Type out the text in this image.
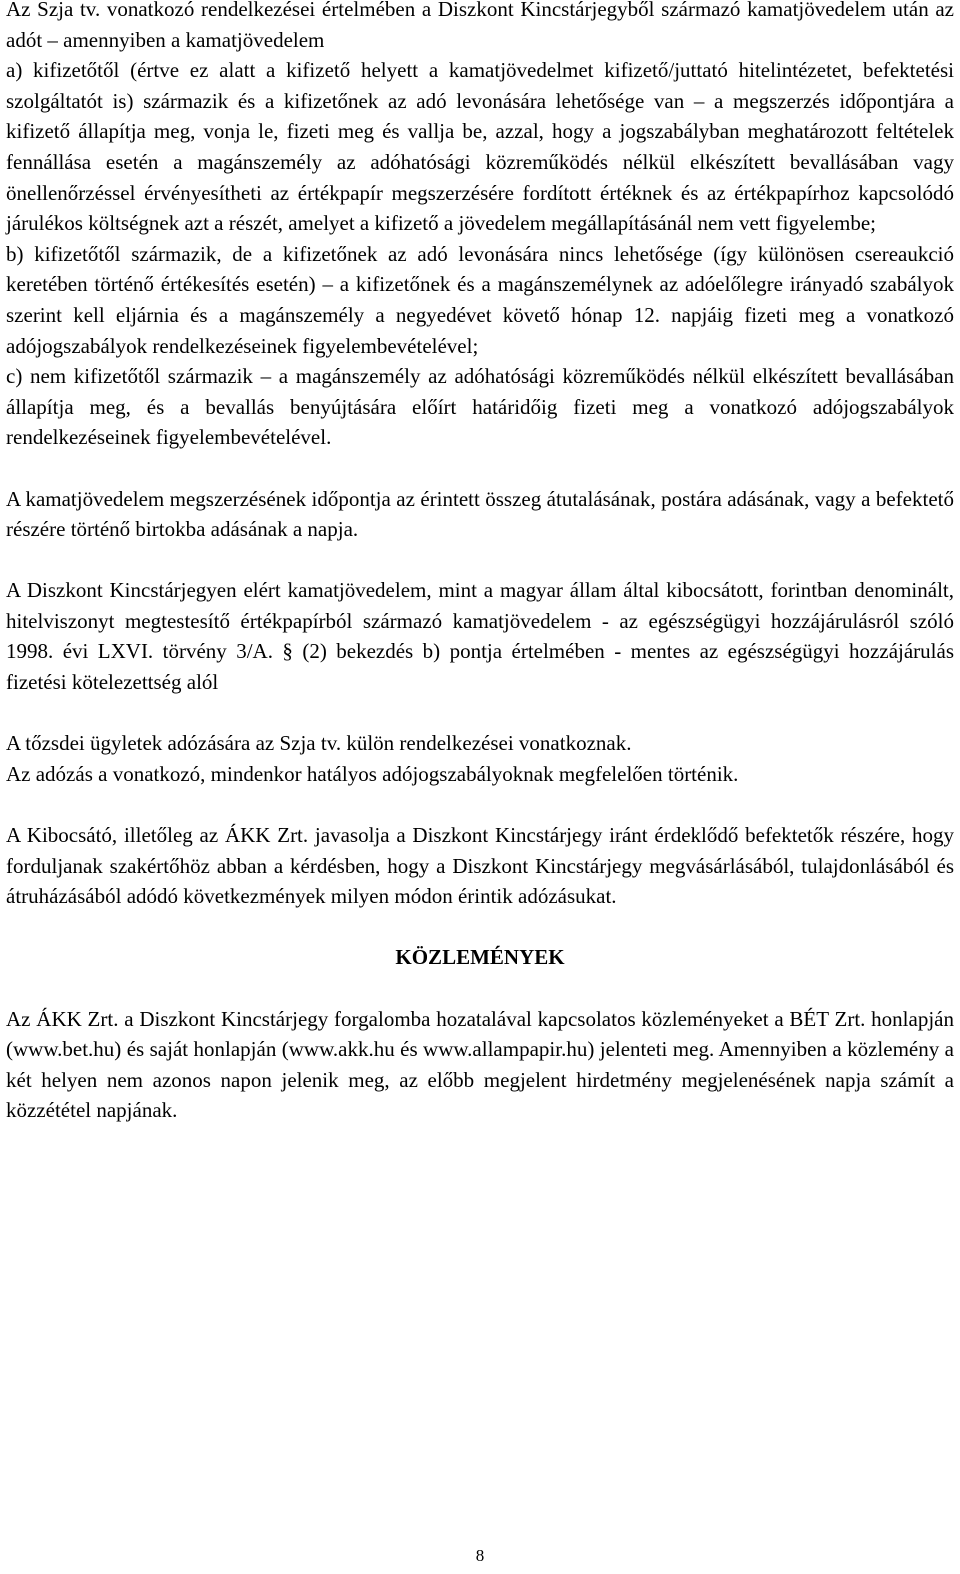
Az Szja tv. vonatkozó rendelkezései értelmében a Diszkont Kincstárjegyből származó kamatjövedelem után az adót – amennyiben a kamatjövedelem

a) kifizetőtől (értve ez alatt a kifizető helyett a kamatjövedelmet kifizető/juttató hitelintézetet, befektetési szolgáltatót is) származik és a kifizetőnek az adó levonására lehetősége van – a megszerzés időpontjára a kifizető állapítja meg, vonja le, fizeti meg és vallja be, azzal, hogy a jogszabályban meghatározott feltételek fennállása esetén a magánszemély az adóhatósági közreműködés nélkül elkészített bevallásában vagy önellenőrzéssel érvényesítheti az értékpapír megszerzésére fordított értéknek és az értékpapírhoz kapcsolódó járulékos költségnek azt a részét, amelyet a kifizető a jövedelem megállapításánál nem vett figyelembe;

b) kifizetőtől származik, de a kifizetőnek az adó levonására nincs lehetősége (így különösen csereaukció keretében történő értékesítés esetén) – a kifizetőnek és a magánszemélynek az adóelőlegre irányadó szabályok szerint kell eljárnia és a magánszemély a negyedévet követő hónap 12. napjáig fizeti meg a vonatkozó adójogszabályok rendelkezéseinek figyelembevételével;

c) nem kifizetőtől származik – a magánszemély az adóhatósági közreműködés nélkül elkészített bevallásában állapítja meg, és a bevallás benyújtására előírt határidőig fizeti meg a vonatkozó adójogszabályok rendelkezéseinek figyelembevételével.

A kamatjövedelem megszerzésének időpontja az érintett összeg átutalásának, postára adásának, vagy a befektető részére történő birtokba adásának a napja.

A Diszkont Kincstárjegyen elért kamatjövedelem, mint a magyar állam által kibocsátott, forintban denominált, hitelviszonyt megtestesítő értékpapírból származó kamatjövedelem - az egészségügyi hozzájárulásról szóló 1998. évi LXVI. törvény 3/A. § (2) bekezdés b) pontja értelmében - mentes az egészségügyi hozzájárulás fizetési kötelezettség alól

A tőzsdei ügyletek adózására az Szja tv. külön rendelkezései vonatkoznak.

Az adózás a vonatkozó, mindenkor hatályos adójogszabályoknak megfelelően történik.

A Kibocsátó, illetőleg az ÁKK Zrt. javasolja a Diszkont Kincstárjegy iránt érdeklődő befektetők részére, hogy forduljanak szakértőhöz abban a kérdésben, hogy a Diszkont Kincstárjegy megvásárlásából, tulajdonlásából és átruházásából adódó következmények milyen módon érintik adózásukat.

KÖZLEMÉNYEK

Az ÁKK Zrt. a Diszkont Kincstárjegy forgalomba hozatalával kapcsolatos közleményeket a BÉT Zrt. honlapján (www.bet.hu) és saját honlapján (www.akk.hu és www.allampapir.hu) jelenteti meg. Amennyiben a közlemény a két helyen nem azonos napon jelenik meg, az előbb megjelent hirdetmény megjelenésének napja számít a közzététel napjának.

8
